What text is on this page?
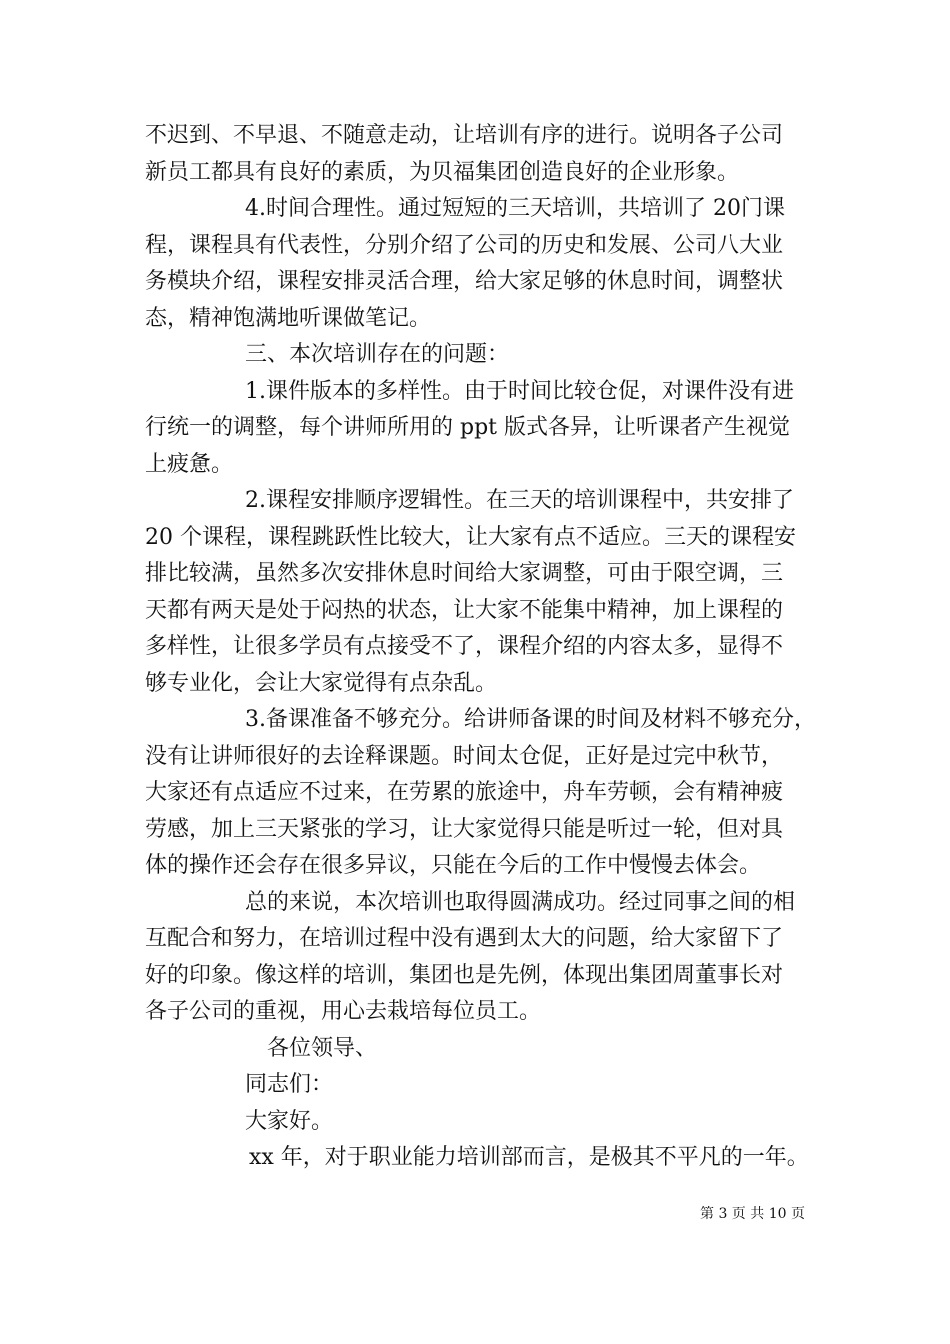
不迟到、不早退、不随意走动，让培训有序的进行。说明各子公司
新员工都具有良好的素质，为贝福集团创造良好的企业形象。
4.时间合理性。通过短短的三天培训，共培训了 20门课
程，课程具有代表性，分别介绍了公司的历史和发展、公司八大业
务模块介绍，课程安排灵活合理，给大家足够的休息时间，调整状
态，精神饱满地听课做笔记。
三、本次培训存在的问题：
1.课件版本的多样性。由于时间比较仓促，对课件没有进
行统一的调整，每个讲师所用的 ppt 版式各异，让听课者产生视觉
上疲惫。
2.课程安排顺序逻辑性。在三天的培训课程中，共安排了
20 个课程，课程跳跃性比较大，让大家有点不适应。三天的课程安
排比较满，虽然多次安排休息时间给大家调整，可由于限空调，三
天都有两天是处于闷热的状态，让大家不能集中精神，加上课程的
多样性，让很多学员有点接受不了，课程介绍的内容太多，显得不
够专业化，会让大家觉得有点杂乱。
3.备课准备不够充分。给讲师备课的时间及材料不够充分，
没有让讲师很好的去诠释课题。时间太仓促，正好是过完中秋节，
大家还有点适应不过来，在劳累的旅途中，舟车劳顿，会有精神疲
劳感，加上三天紧张的学习，让大家觉得只能是听过一轮，但对具
体的操作还会存在很多异议，只能在今后的工作中慢慢去体会。
总的来说，本次培训也取得圆满成功。经过同事之间的相
互配合和努力，在培训过程中没有遇到太大的问题，给大家留下了
好的印象。像这样的培训，集团也是先例，体现出集团周董事长对
各子公司的重视，用心去栽培每位员工。
各位领导、
同志们：
大家好。
xx 年，对于职业能力培训部而言，是极其不平凡的一年。
第 3 页 共 10 页
